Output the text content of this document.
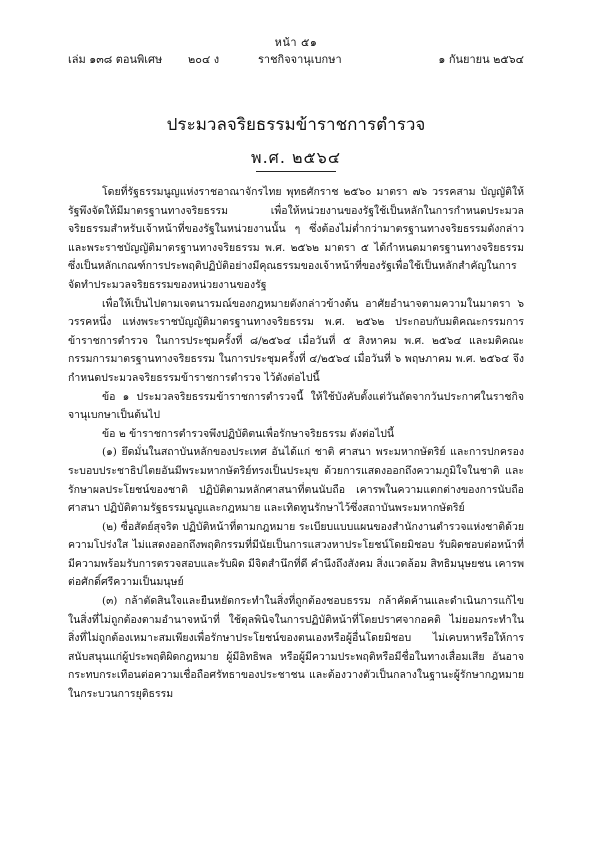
หน้า ๕๑
เล่ม ๑๓๘ ตอนพิเศษ ๒๐๔ ง	ราชกิจจานุเบกษา	๑ กันยายน ๒๕๖๔
ประมวลจริยธรรมข้าราชการตำรวจ
พ.ศ. ๒๕๖๔

โดยที่รัฐธรรมนูญแห่งราชอาณาจักรไทย พุทธศักราช ๒๕๖๐ มาตรา ๗๖ วรรคสาม บัญญัติให้รัฐพึงจัดให้มีมาตรฐานทางจริยธรรม เพื่อให้หน่วยงานของรัฐใช้เป็นหลักในการกำหนดประมวลจริยธรรมสำหรับเจ้าหน้าที่ของรัฐในหน่วยงานนั้น ๆ ซึ่งต้องไม่ต่ำกว่ามาตรฐานทางจริยธรรมดังกล่าว และพระราชบัญญัติมาตรฐานทางจริยธรรม พ.ศ. ๒๕๖๒ มาตรา ๕ ได้กำหนดมาตรฐานทางจริยธรรมซึ่งเป็นหลักเกณฑ์การประพฤติปฏิบัติอย่างมีคุณธรรมของเจ้าหน้าที่ของรัฐเพื่อใช้เป็นหลักสำคัญในการจัดทำประมวลจริยธรรมของหน่วยงานของรัฐ

เพื่อให้เป็นไปตามเจตนารมณ์ของกฎหมายดังกล่าวข้างต้น อาศัยอำนาจตามความในมาตรา ๖ วรรคหนึ่ง แห่งพระราชบัญญัติมาตรฐานทางจริยธรรม พ.ศ. ๒๕๖๒ ประกอบกับมติคณะกรรมการข้าราชการตำรวจ ในการประชุมครั้งที่ ๘/๒๕๖๔ เมื่อวันที่ ๕ สิงหาคม พ.ศ. ๒๕๖๔ และมติคณะกรรมการมาตรฐานทางจริยธรรม ในการประชุมครั้งที่ ๔/๒๕๖๔ เมื่อวันที่ ๖ พฤษภาคม พ.ศ. ๒๕๖๔ จึงกำหนดประมวลจริยธรรมข้าราชการตำรวจ ไว้ดังต่อไปนี้

ข้อ ๑ ประมวลจริยธรรมข้าราชการตำรวจนี้ ให้ใช้บังคับตั้งแต่วันถัดจากวันประกาศในราชกิจจานุเบกษาเป็นต้นไป

ข้อ ๒ ข้าราชการตำรวจพึงปฏิบัติตนเพื่อรักษาจริยธรรม ดังต่อไปนี้

(๑) ยึดมั่นในสถาบันหลักของประเทศ อันได้แก่ ชาติ ศาสนา พระมหากษัตริย์ และการปกครองระบอบประชาธิปไตยอันมีพระมหากษัตริย์ทรงเป็นประมุข ด้วยการแสดงออกถึงความภูมิใจในชาติ และรักษาผลประโยชน์ของชาติ ปฏิบัติตามหลักศาสนาที่ตนนับถือ เคารพในความแตกต่างของการนับถือศาสนา ปฏิบัติตามรัฐธรรมนูญและกฎหมาย และเทิดทูนรักษาไว้ซึ่งสถาบันพระมหากษัตริย์

(๒) ซื่อสัตย์สุจริต ปฏิบัติหน้าที่ตามกฎหมาย ระเบียบแบบแผนของสำนักงานตำรวจแห่งชาติด้วยความโปร่งใส ไม่แสดงออกถึงพฤติกรรมที่มีนัยเป็นการแสวงหาประโยชน์โดยมิชอบ รับผิดชอบต่อหน้าที่ มีความพร้อมรับการตรวจสอบและรับผิด มีจิตสำนึกที่ดี คำนึงถึงสังคม สิ่งแวดล้อม สิทธิมนุษยชน เคารพต่อศักดิ์ศรีความเป็นมนุษย์

(๓) กล้าตัดสินใจและยืนหยัดกระทำในสิ่งที่ถูกต้องชอบธรรม กล้าคัดค้านและดำเนินการแก้ไขในสิ่งที่ไม่ถูกต้องตามอำนาจหน้าที่ ใช้ดุลพินิจในการปฏิบัติหน้าที่โดยปราศจากอคติ ไม่ยอมกระทำในสิ่งที่ไม่ถูกต้องเหมาะสมเพียงเพื่อรักษาประโยชน์ของตนเองหรือผู้อื่นโดยมิชอบ ไม่เคบหาหรือให้การสนับสนุนแก่ผู้ประพฤติผิดกฎหมาย ผู้มีอิทธิพล หรือผู้มีความประพฤติหรือมีชื่อในทางเสื่อมเสีย อันอาจกระทบกระเทือนต่อความเชื่อถือศรัทธาของประชาชน และต้องวางตัวเป็นกลางในฐานะผู้รักษากฎหมายในกระบวนการยุติธรรม
